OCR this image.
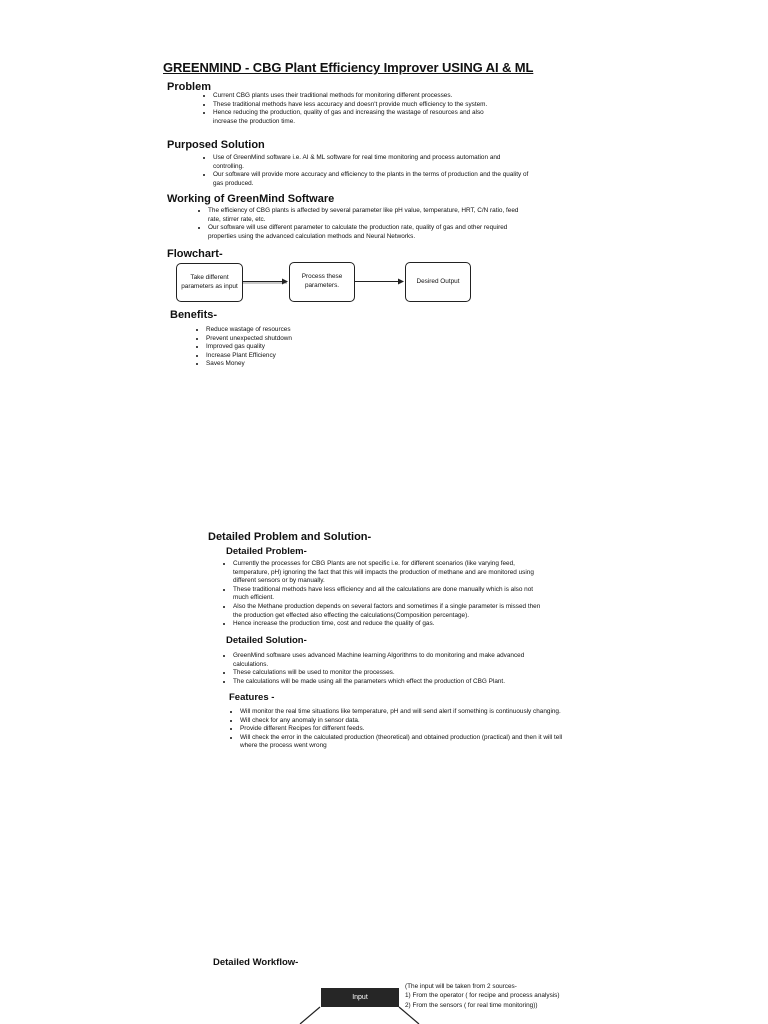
GREENMIND - CBG Plant Efficiency Improver USING AI & ML
Problem
• Current CBG plants uses their traditional methods for monitoring different processes.
• These traditional methods have less accuracy and doesn't provide much efficiency to the system.
• Hence reducing the production, quality of gas and increasing the wastage of resources and also increase the production time.
Purposed Solution
• Use of GreenMind software i.e. AI & ML software for real time monitoring and process automation and controlling.
• Our software will provide more accuracy and efficiency to the plants in the terms of production and the quality of gas produced.
Working of GreenMind Software
• The efficiency of CBG plants is affected by several parameter like pH value, temperature, HRT, C/N ratio, feed rate, stirrer rate, etc.
• Our software will use different parameter to calculate the production rate, quality of gas and other required properties using the advanced calculation methods and Neural Networks.
Flowchart-
Take different parameters as input
Process these parameters.
Desired Output
Benefits-
• Reduce wastage of resources
• Prevent unexpected shutdown
• Improved gas quality
• Increase Plant Efficiency
• Saves Money
Detailed Problem and Solution-
Detailed Problem-
• Currently the processes for CBG Plants are not specific i.e. for different scenarios (like varying feed, temperature, pH) ignoring the fact that this will impacts the production of methane and are monitored using different sensors or by manually.
• These traditional methods have less efficiency and all the calculations are done manually which is also not much efficient.
• Also the Methane production depends on several factors and sometimes if a single parameter is missed then the production get effected also effecting the calculations(Composition percentage).
• Hence increase the production time, cost and reduce the quality of gas.
Detailed Solution-
• GreenMind software uses advanced Machine learning Algorithms to do monitoring and make advanced calculations.
• These calculations will be used to monitor the processes.
• The calculations will be made using all the parameters which effect the production of CBG Plant.
Features -
• Will monitor the real time situations like temperature, pH and will send alert if something is continuously changing.
• Will check for any anomaly in sensor data.
• Provide different Recipes for different feeds.
• Will check the error in the calculated production (theoretical) and obtained production (practical) and then it will tell where the process went wrong
Detailed Workflow-
Input
(The input will be taken from 2 sources-
1) From the operator ( for recipe and process analysis)
2) From the sensors ( for real time monitoring))
